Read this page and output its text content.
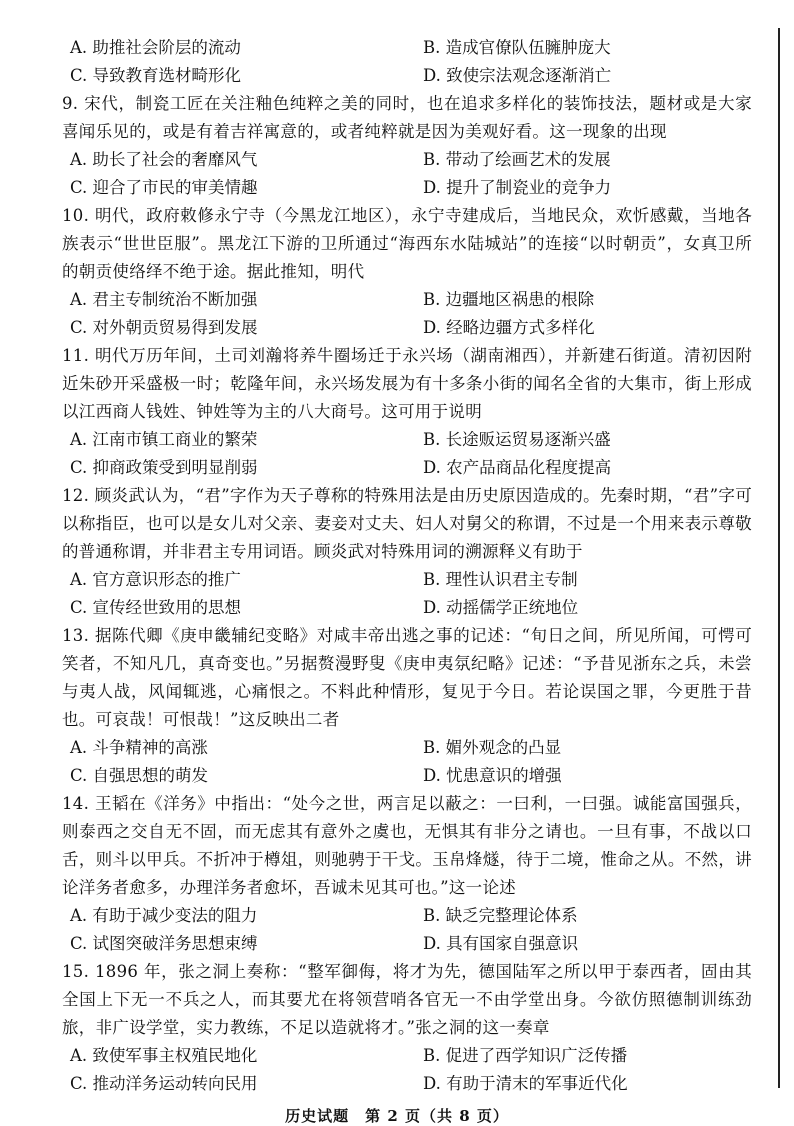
A. 助推社会阶层的流动	B. 造成官僚队伍臃肿庞大
C. 导致教育选材畸形化	D. 致使宗法观念逐渐消亡
9. 宋代，制瓷工匠在关注釉色纯粹之美的同时，也在追求多样化的装饰技法，题材或是大家喜闻乐见的，或是有着吉祥寓意的，或者纯粹就是因为美观好看。这一现象的出现
A. 助长了社会的奢靡风气	B. 带动了绘画艺术的发展
C. 迎合了市民的审美情趣	D. 提升了制瓷业的竞争力
10. 明代，政府敕修永宁寺（今黑龙江地区），永宁寺建成后，当地民众，欢忻感戴，当地各族表示“世世臣服”。黑龙江下游的卫所通过“海西东水陆城站”的连接“以时朝贡”，女真卫所的朝贡使络绎不绝于途。据此推知，明代
A. 君主专制统治不断加强	B. 边疆地区祸患的根除
C. 对外朝贡贸易得到发展	D. 经略边疆方式多样化
11. 明代万历年间，土司刘瀚将养牛圈场迁于永兴场（湖南湘西），并新建石街道。清初因附近朱砂开采盛极一时；乾隆年间，永兴场发展为有十多条小街的闻名全省的大集市，街上形成以江西商人钱姓、钟姓等为主的八大商号。这可用于说明
A. 江南市镇工商业的繁荣	B. 长途贩运贸易逐渐兴盛
C. 抑商政策受到明显削弱	D. 农产品商品化程度提高
12. 顾炎武认为，“君”字作为天子尊称的特殊用法是由历史原因造成的。先秦时期，“君”字可以称指臣，也可以是女儿对父亲、妻妾对丈夫、妇人对舅父的称谓，不过是一个用来表示尊敬的普通称谓，并非君主专用词语。顾炎武对特殊用词的溯源释义有助于
A. 官方意识形态的推广	B. 理性认识君主专制
C. 宣传经世致用的思想	D. 动摇儒学正统地位
13. 据陈代卿《庚申畿辅纪变略》对咸丰帝出逃之事的记述：“旬日之间，所见所闻，可愕可笑者，不知凡几，真奇变也。”另据赘漫野叟《庚申夷氛纪略》记述：“予昔见浙东之兵，未尝与夷人战，风闻辄逃，心痛恨之。不料此种情形，复见于今日。若论误国之罪，今更胜于昔也。可哀哉！可恨哉！”这反映出二者
A. 斗争精神的高涨	B. 媚外观念的凸显
C. 自强思想的萌发	D. 忧患意识的增强
14. 王韬在《洋务》中指出：“处今之世，两言足以蔽之：一曰利，一曰强。诚能富国强兵，则泰西之交自无不固，而无虑其有意外之虞也，无惧其有非分之请也。一旦有事，不战以口舌，则斗以甲兵。不折冲于樽俎，则驰骋于干戈。玉帛烽燧，待于二境，惟命之从。不然，讲论洋务者愈多，办理洋务者愈坏，吾诚未见其可也。”这一论述
A. 有助于减少变法的阻力	B. 缺乏完整理论体系
C. 试图突破洋务思想束缚	D. 具有国家自强意识
15. 1896 年，张之洞上奏称：“整军御侮，将才为先，德国陆军之所以甲于泰西者，固由其全国上下无一不兵之人，而其要尤在将领营哨各官无一不由学堂出身。今欲仿照德制训练劲旅，非广设学堂，实力教练，不足以造就将才。”张之洞的这一奏章
A. 致使军事主权殖民地化	B. 促进了西学知识广泛传播
C. 推动洋务运动转向民用	D. 有助于清末的军事近代化
历史试题　第 2 页（共 8 页）
